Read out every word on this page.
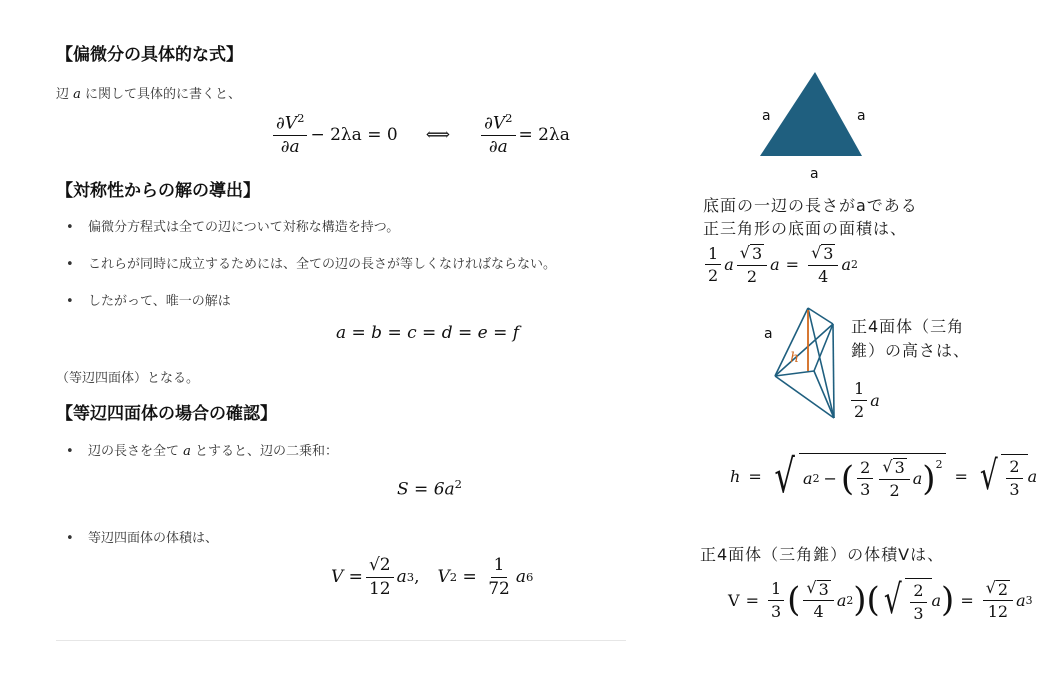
【偏微分の具体的な式】
辺 a に関して具体的に書くと、
$\frac{\partial V^2}{\partial a} - 2\lambda a = 0$ ⟺ $\frac{\partial V^2}{\partial a} = 2\lambda a$
【対称性からの解の導出】
• 偏微分方程式は全ての辺について対称な構造を持つ。
• これらが同時に成立するためには、全ての辺の長さが等しくなければならない。
• したがって、唯一の解は
a = b = c = d = e = f
（等辺四面体）となる。
【等辺四面体の場合の確認】
• 辺の長さを全て a とすると、辺の二乗和：
$S = 6a^2$
• 等辺四面体の体積は、
$V = \frac{√2}{12}$ a 3 , V $2 = \frac{1}{72}$ a 6
a	a
a
底面の一辺の長さがaである
正三角形の底面の面積は、
$\frac{1}{2}$ a $\frac{√ 3}{2}$ $a = \frac{√ 3}{4}$ a 2
a
h
正4面体（三角
錐）の高さは、
$\frac{1}{2}$ a
h = √ a 2 − ( $\frac{2}{3} \frac{√ 3}{2}$ a ) 2
= √ $\frac{2}{3}$ a
正4面体（三角錐）の体積Vは、
$V = \frac{1}{3}$ ( $\frac{√ 3}{4}$ a 2 ) ( √ $\frac{2}{3}$ a ) = $\frac{√ 2}{12}$ a 3
